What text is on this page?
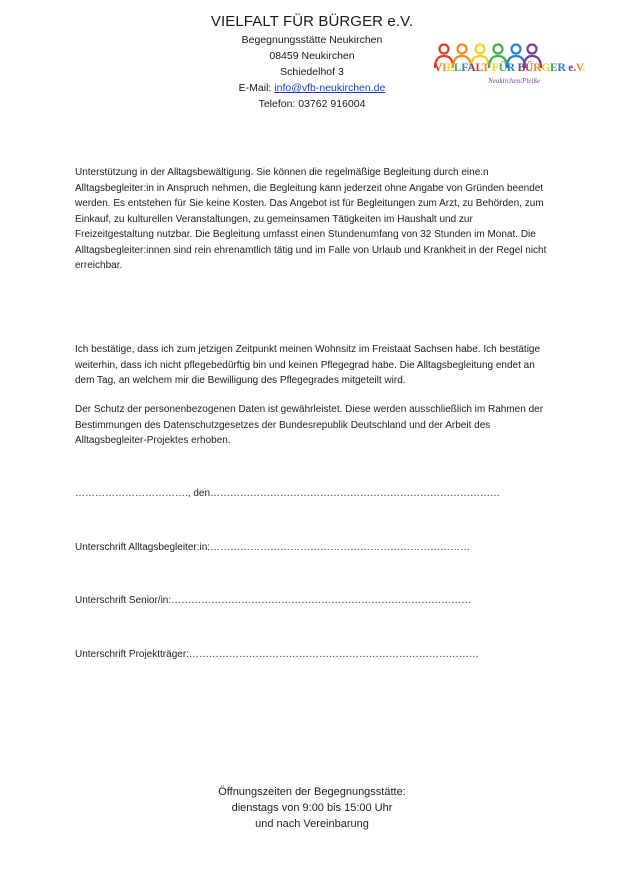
VIELFALT FÜR BÜRGER e.V.
Begegnungsstätte Neukirchen
08459 Neukirchen
Schiedelhof 3
E-Mail: info@vfb-neukirchen.de
Telefon: 03762 916004
VIELFALT FÜR BÜRGER e.V.
Neukirchen/Pleiße

Unterstützung in der Alltagsbewältigung. Sie können die regelmäßige Begleitung durch eine:n Alltagsbegleiter:in in Anspruch nehmen, die Begleitung kann jederzeit ohne Angabe von Gründen beendet werden. Es entstehen für Sie keine Kosten. Das Angebot ist für Begleitungen zum Arzt, zu Behörden, zum Einkauf, zu kulturellen Veranstaltungen, zu gemeinsamen Tätigkeiten im Haushalt und zur Freizeitgestaltung nutzbar. Die Begleitung umfasst einen Stundenumfang von 32 Stunden im Monat. Die Alltagsbegleiter:innen sind rein ehrenamtlich tätig und im Falle von Urlaub und Krankheit in der Regel nicht erreichbar.

Ich bestätige, dass ich zum jetzigen Zeitpunkt meinen Wohnsitz im Freistaat Sachsen habe. Ich bestätige weiterhin, dass ich nicht pflegebedürftig bin und keinen Pflegegrad habe. Die Alltagsbegleitung endet an dem Tag, an welchem mir die Bewilligung des Pflegegrades mitgeteilt wird.

Der Schutz der personenbezogenen Daten ist gewährleistet. Diese werden ausschließlich im Rahmen der Bestimmungen des Datenschutzgesetzes der Bundesrepublik Deutschland und der Arbeit des Alltagsbegleiter-Projektes erhoben.

……………………………., den……………………………………………………………………………
Unterschrift Alltagsbegleiter:in:……………………………………………………………………
Unterschrift Senior/in:………………………………………………………………………………
Unterschrift Projektträger:……………………………………………………………………………
Öffnungszeiten der Begegnungsstätte:
dienstags von 9:00 bis 15:00 Uhr
und nach Vereinbarung
